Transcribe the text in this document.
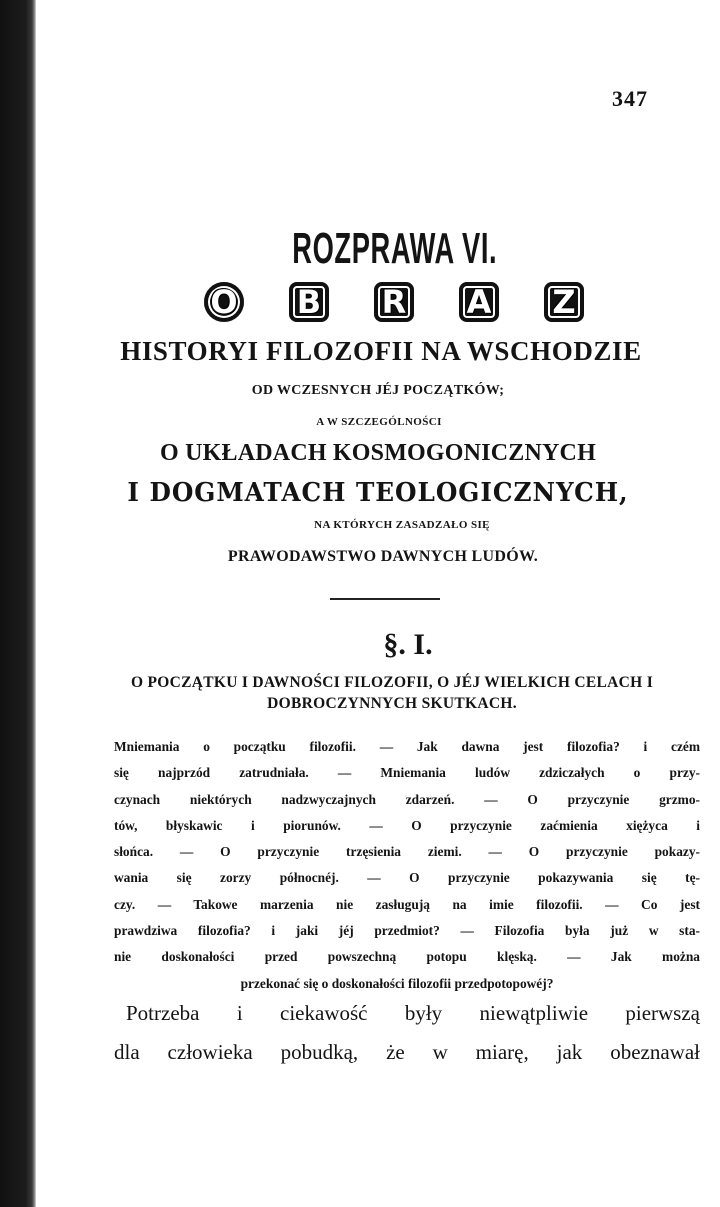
347
ROZPRAWA VI.
O B R A Z
HISTORYI FILOZOFII NA WSCHODZIE
OD WCZESNYCH JÉJ POCZĄTKÓW;
A W SZCZEGÓLNOŚCI
O UKŁADACH KOSMOGONICZNYCH
I DOGMATACH TEOLOGICZNYCH,
NA KTÓRYCH ZASADZAŁO SIĘ
PRAWODAWSTWO DAWNYCH LUDÓW.
§. I.
O POCZĄTKU I DAWNOŚCI FILOZOFII, O JÉJ WIELKICH CELACH I DOBROCZYNNYCH SKUTKACH.
Mniemania o początku filozofii. — Jak dawna jest filozofia? i czém
się najprzód zatrudniała. — Mniemania ludów zdziczałych o przy-
czynach niektórych nadzwyczajnych zdarzeń. — O przyczynie grzmo-
tów, błyskawic i piorunów. — O przyczynie zaćmienia xiężyca i
słońca. — O przyczynie trzęsienia ziemi. — O przyczynie pokazy-
wania się zorzy północnéj. — O przyczynie pokazywania się tę-
czy. — Takowe marzenia nie zasługują na imie filozofii. — Co jest
prawdziwa filozofia? i jaki jéj przedmiot? — Filozofia była już w sta-
nie doskonałości przed powszechną potopu klęską. — Jak można
przekonać się o doskonałości filozofii przedpotopowéj?
Potrzeba i ciekawość były niewątpliwie pierwszą
dla człowieka pobudką, że w miarę, jak obeznawał
